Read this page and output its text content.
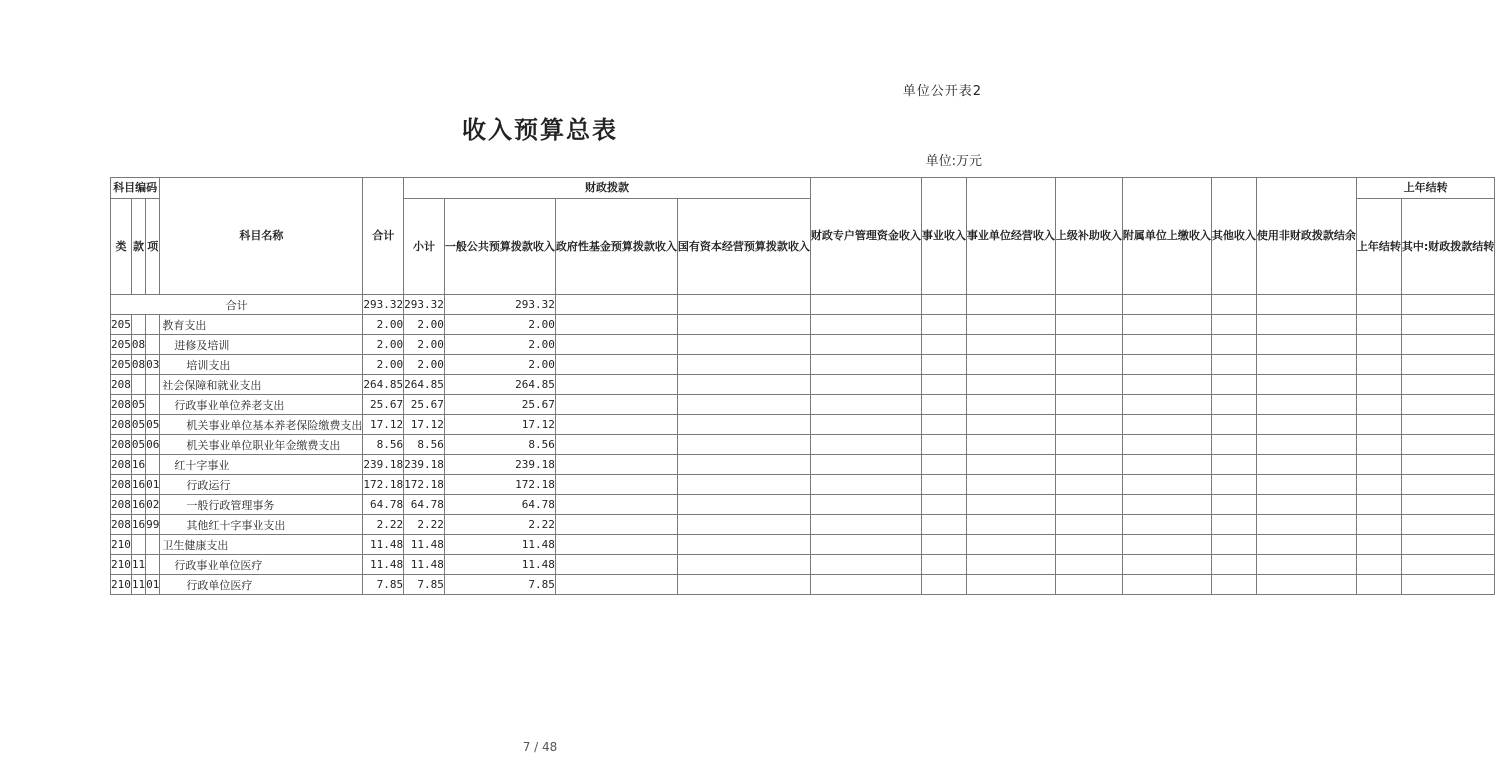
单位公开表2
收入预算总表
单位:万元
科目编码			科目名称	合计	财政拨款				财政专户管理资金收入	事业收入	事业单位经营收入	上级补助收入	附属单位上缴收入	其他收入	使用非财政拨款结余	上年结转	
类	款	项			小计	一般公共预算拨款收入	政府性基金预算拨款收入	国有资本经营预算拨款收入								上年结转	其中:财政拨款结转
合计				293.32	293.32	293.32											
205			教育支出	2.00	2.00	2.00											
205	08		进修及培训	2.00	2.00	2.00											
205	08	03	培训支出	2.00	2.00	2.00											
208			社会保障和就业支出	264.85	264.85	264.85											
208	05		行政事业单位养老支出	25.67	25.67	25.67											
208	05	05	机关事业单位基本养老保险缴费支出	17.12	17.12	17.12											
208	05	06	机关事业单位职业年金缴费支出	8.56	8.56	8.56											
208	16		红十字事业	239.18	239.18	239.18											
208	16	01	行政运行	172.18	172.18	172.18											
208	16	02	一般行政管理事务	64.78	64.78	64.78											
208	16	99	其他红十字事业支出	2.22	2.22	2.22											
210			卫生健康支出	11.48	11.48	11.48											
210	11		行政事业单位医疗	11.48	11.48	11.48											
210	11	01	行政单位医疗	7.85	7.85	7.85											
7 / 48
